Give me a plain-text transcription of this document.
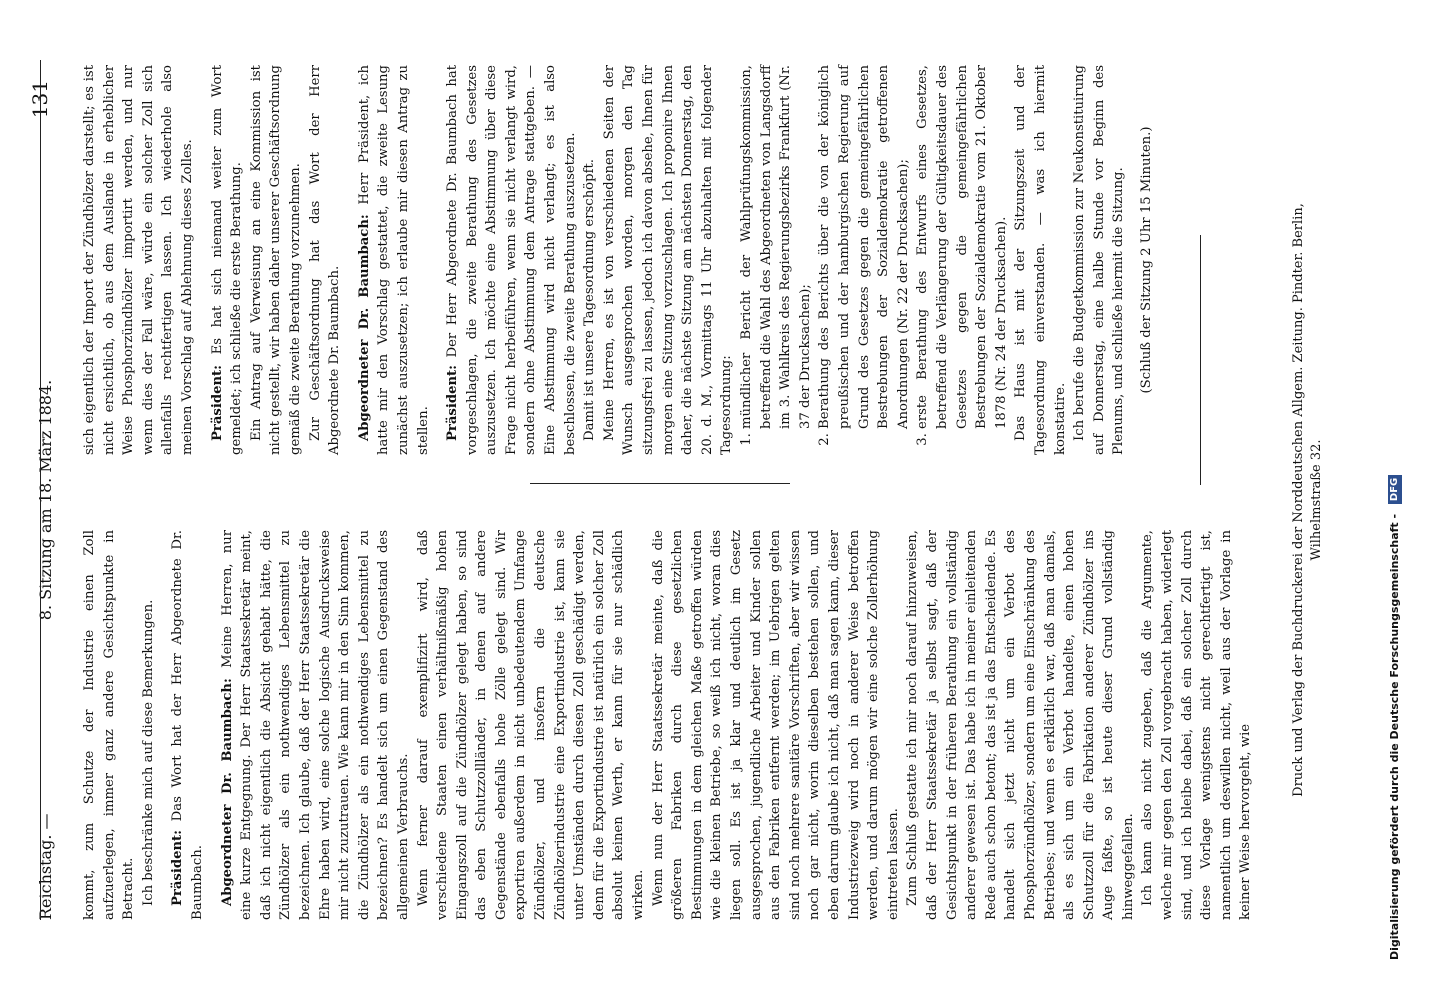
Reichstag. —
8. Sitzung am 18. März 1884.
131

kommt, zum Schutze der Industrie einen Zoll aufzuerlegen, immer ganz andere Gesichtspunkte in Betracht. Ich beschränke mich auf diese Bemerkungen. Präsident: Das Wort hat der Herr Abgeordnete Dr. Baumbach. Abgeordneter Dr. Baumbach: Meine Herren, nur eine kurze Entgegnung. Der Herr Staatssekretär meint, daß ich nicht eigentlich die Absicht gehabt hätte, die Zündhölzer als ein nothwendiges Lebensmittel zu bezeichnen. Ich glaube, daß der Herr Staatssekretär die Ehre haben wird, eine solche logische Ausdrucksweise mir nicht zuzutrauen. Wie kann mir in den Sinn kommen, die Zündhölzer als ein nothwendiges Lebensmittel zu bezeichnen? Es handelt sich um einen Gegenstand des allgemeinen Verbrauchs. Wenn ferner darauf exemplifizirt wird, daß verschiedene Staaten einen verhältnißmäßig hohen Eingangszoll auf die Zündhölzer gelegt haben, so sind das eben Schutzzollländer, in denen auf andere Gegenstände ebenfalls hohe Zölle gelegt sind. Wir exportiren außerdem in nicht unbedeutendem Umfange Zündhölzer, und insofern die deutsche Zündhölzerindustrie eine Exportindustrie ist, kann sie unter Umständen durch diesen Zoll geschädigt werden, denn für die Exportindustrie ist natürlich ein solcher Zoll absolut keinen Werth, er kann für sie nur schädlich wirken. Wenn nun der Herr Staatssekretär meinte, daß die größeren Fabriken durch diese gesetzlichen Bestimmungen in dem gleichen Maße getroffen würden wie die kleinen Betriebe, so weiß ich nicht, woran dies liegen soll. Es ist ja klar und deutlich im Gesetz ausgesprochen, jugendliche Arbeiter und Kinder sollen aus den Fabriken entfernt werden; im Uebrigen gelten sind noch mehrere sanitäre Vorschriften, aber wir wissen noch gar nicht, worin dieselben bestehen sollen, und eben darum glaube ich nicht, daß man sagen kann, dieser Industriezweig wird noch in anderer Weise betroffen werden, und darum mögen wir eine solche Zollerhöhung eintreten lassen. Zum Schluß gestatte ich mir noch darauf hinzuweisen, daß der Herr Staatssekretär ja selbst sagt, daß der Gesichtspunkt in der früheren Berathung ein vollständig anderer gewesen ist. Das habe ich in meiner einleitenden Rede auch schon betont; das ist ja das Entscheidende. Es handelt sich jetzt nicht um ein Verbot des Phosphorzündhölzer, sondern um eine Einschränkung des Betriebes; und wenn es erklärlich war, daß man damals, als es sich um ein Verbot handelte, einen hohen Schutzzoll für die Fabrikation anderer Zündhölzer ins Auge faßte, so ist heute dieser Grund vollständig hinweggefallen. Ich kann also nicht zugeben, daß die Argumente, welche mir gegen den Zoll vorgebracht haben, widerlegt sind, und ich bleibe dabei, daß ein solcher Zoll durch diese Vorlage wenigstens nicht gerechtfertigt ist, namentlich um deswillen nicht, weil aus der Vorlage in keiner Weise hervorgeht, wie

sich eigentlich der Import der Zündhölzer darstellt; es ist nicht ersichtlich, ob aus dem Auslande in erheblicher Weise Phosphorzündhölzer importirt werden, und nur wenn dies der Fall wäre, würde ein solcher Zoll sich allenfalls rechtfertigen lassen. Ich wiederhole also meinen Vorschlag auf Ablehnung dieses Zolles. Präsident: Es hat sich niemand weiter zum Wort gemeldet; ich schließe die erste Berathung. Ein Antrag auf Verweisung an eine Kommission ist nicht gestellt, wir haben daher unserer Geschäftsordnung gemäß die zweite Berathung vorzunehmen. Zur Geschäftsordnung hat das Wort der Herr Abgeordnete Dr. Baumbach. Abgeordneter Dr. Baumbach: Herr Präsident, ich hatte mir den Vorschlag gestattet, die zweite Lesung zunächst auszusetzen; ich erlaube mir diesen Antrag zu stellen. Präsident: Der Herr Abgeordnete Dr. Baumbach hat vorgeschlagen, die zweite Berathung des Gesetzes auszusetzen. Ich möchte eine Abstimmung über diese Frage nicht herbeiführen, wenn sie nicht verlangt wird, sondern ohne Abstimmung dem Antrage stattgeben. — Eine Abstimmung wird nicht verlangt; es ist also beschlossen, die zweite Berathung auszusetzen. Damit ist unsere Tagesordnung erschöpft. Meine Herren, es ist von verschiedenen Seiten der Wunsch ausgesprochen worden, morgen den Tag sitzungsfrei zu lassen, jedoch ich davon absehe, Ihnen für morgen eine Sitzung vorzuschlagen. Ich proponire Ihnen daher, die nächste Sitzung am nächsten Donnerstag, den 20. d. M., Vormittags 11 Uhr abzuhalten mit folgender Tagesordnung: 1. mündlicher Bericht der Wahlprüfungskommission, betreffend die Wahl des Abgeordneten von Langsdorff im 3. Wahlkreis des Regierungsbezirks Frankfurt (Nr. 37 der Drucksachen); 2. Berathung des Berichts über die von der königlich preußischen und der hamburgischen Regierung auf Grund des Gesetzes gegen die gemeingefährlichen Bestrebungen der Sozialdemokratie getroffenen Anordnungen (Nr. 22 der Drucksachen); 3. erste Berathung des Entwurfs eines Gesetzes, betreffend die Verlängerung der Gültigkeitsdauer des Gesetzes gegen die gemeingefährlichen Bestrebungen der Sozialdemokratie vom 21. Oktober 1878 (Nr. 24 der Drucksachen). Das Haus ist mit der Sitzungszeit und der Tagesordnung einverstanden. — was ich hiermit konstatire. Ich berufe die Budgetkommission zur Neukonstituirung auf Donnerstag, eine halbe Stunde vor Beginn des Plenums, und schließe hiermit die Sitzung. (Schluß der Sitzung 2 Uhr 15 Minuten.)	Druck und Verlag der Buchdruckerei der Norddeutschen Allgem. Zeitung. Pindter. Berlin, Wilhelmstraße 32.
Digitalisierung gefördert durch die Deutsche Forschungsgemeinschaft - DFG
